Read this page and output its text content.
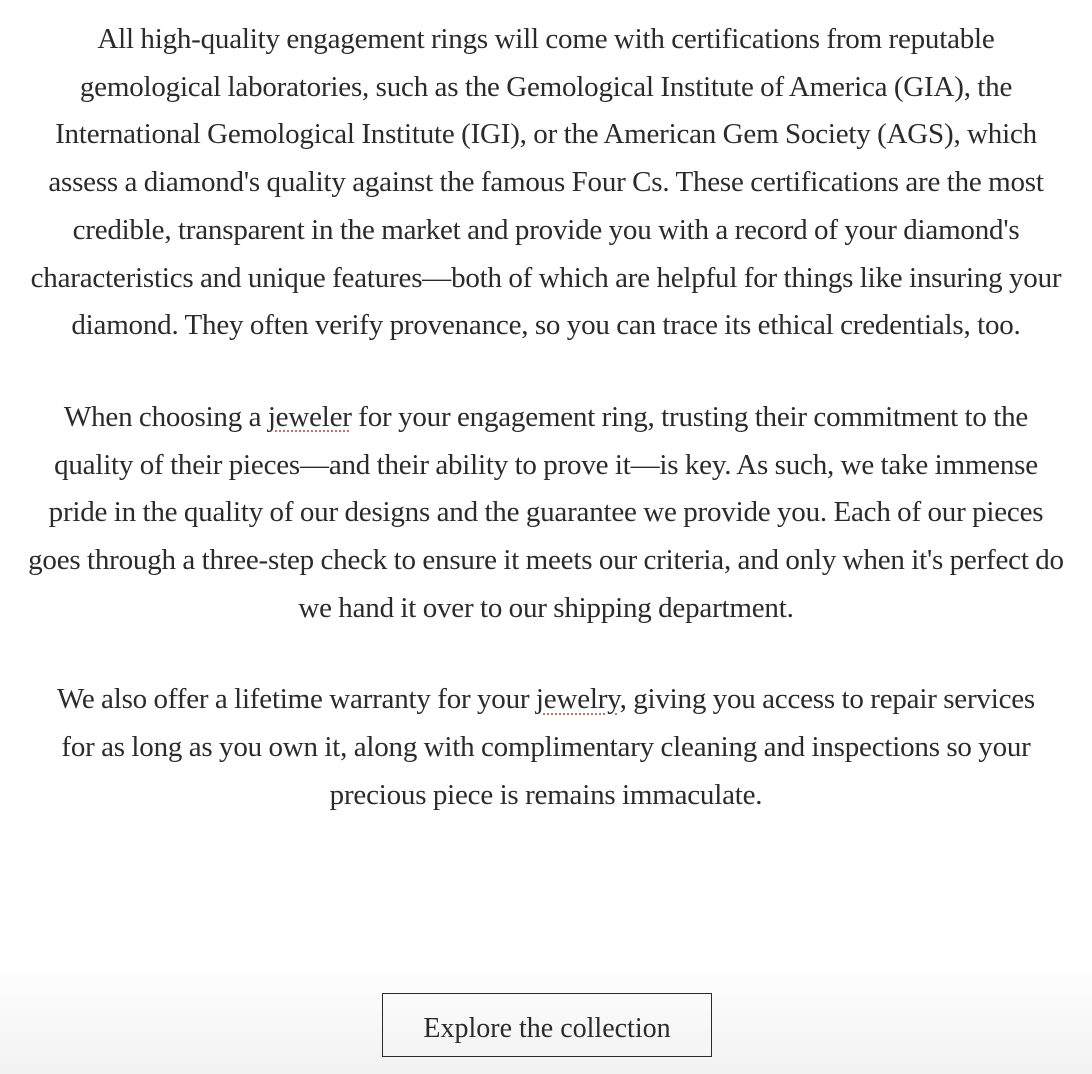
All high-quality engagement rings will come with certifications from reputable gemological laboratories, such as the Gemological Institute of America (GIA), the International Gemological Institute (IGI), or the American Gem Society (AGS), which assess a diamond's quality against the famous Four Cs. These certifications are the most credible, transparent in the market and provide you with a record of your diamond's characteristics and unique features—both of which are helpful for things like insuring your diamond. They often verify provenance, so you can trace its ethical credentials, too.

When choosing a jeweler for your engagement ring, trusting their commitment to the quality of their pieces—and their ability to prove it—is key. As such, we take immense pride in the quality of our designs and the guarantee we provide you. Each of our pieces goes through a three-step check to ensure it meets our criteria, and only when it's perfect do we hand it over to our shipping department.

We also offer a lifetime warranty for your jewelry, giving you access to repair services for as long as you own it, along with complimentary cleaning and inspections so your precious piece is remains immaculate.

Explore the collection
